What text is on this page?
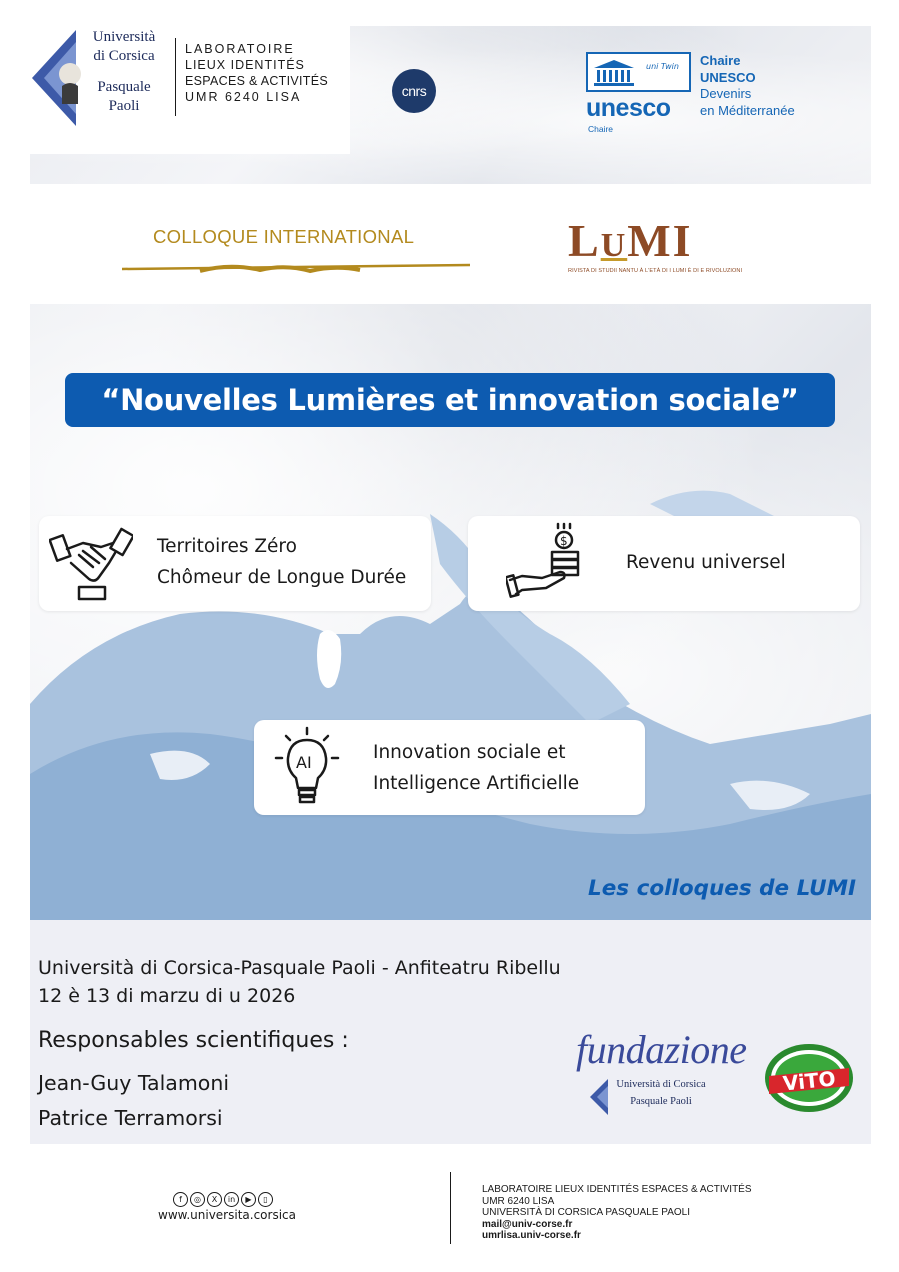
Università
di Corsica
Pasquale
Paoli
LABORATOIRE
LIEUX IDENTITÉS
ESPACES & ACTIVITÉS
UMR 6240 LISA	cnrs
uni Twin
unesco
Chaire
Chaire
UNESCO
Devenirs
en Méditerranée
COLLOQUE INTERNATIONAL	LUMI
RIVISTA DI STUDII NANTU À L'ETÀ DI I LUMI È DI E RIVOLUZIONI
“Nouvelles Lumières et innovation sociale”
Territoires Zéro
Chômeur de Longue Durée
$
Revenu universel
AI	Innovation sociale et
Intelligence Artificielle
Les colloques de LUMI
Università di Corsica-Pasquale Paoli - Anfiteatru Ribellu
12 è 13 di marzu di u 2026
Responsables scientifiques :
Jean-Guy Talamoni
Patrice Terramorsi
fundazione
Università di Corsica
Pasquale Paoli
ViTO
f	◎	X	in	▶	▯
www.universita.corsica
LABORATOIRE LIEUX IDENTITÉS ESPACES & ACTIVITÉS
UMR 6240 LISA
UNIVERSITÀ DI CORSICA PASQUALE PAOLI
mail@univ-corse.fr
umrlisa.univ-corse.fr
